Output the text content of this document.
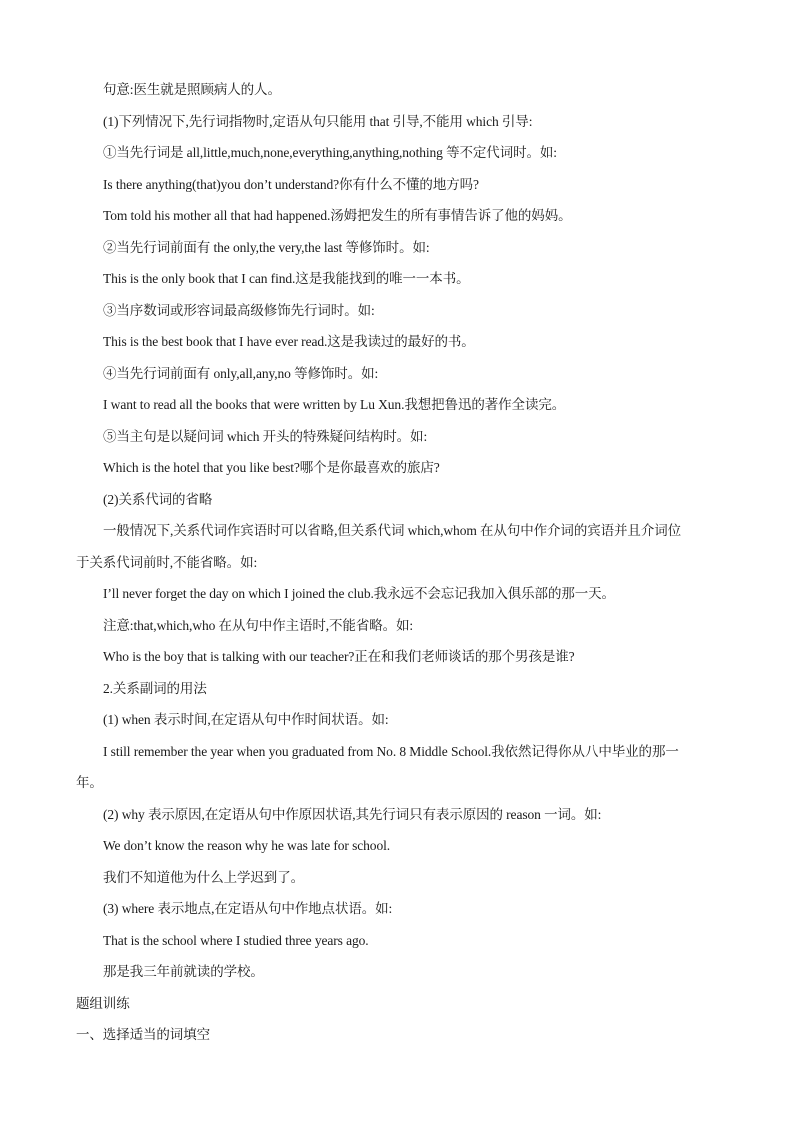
句意:医生就是照顾病人的人。
(1)下列情况下,先行词指物时,定语从句只能用 that 引导,不能用 which 引导:
①当先行词是 all,little,much,none,everything,anything,nothing 等不定代词时。如:
Is there anything(that)you don’t understand?你有什么不懂的地方吗?
Tom told his mother all that had happened.汤姆把发生的所有事情告诉了他的妈妈。
②当先行词前面有 the only,the very,the last 等修饰时。如:
This is the only book that I can find.这是我能找到的唯一一本书。
③当序数词或形容词最高级修饰先行词时。如:
This is the best book that I have ever read.这是我读过的最好的书。
④当先行词前面有 only,all,any,no 等修饰时。如:
I want to read all the books that were written by Lu Xun.我想把鲁迅的著作全读完。
⑤当主句是以疑问词 which 开头的特殊疑问结构时。如:
Which is the hotel that you like best?哪个是你最喜欢的旅店?
(2)关系代词的省略
一般情况下,关系代词作宾语时可以省略,但关系代词 which,whom 在从句中作介词的宾语并且介词位
于关系代词前时,不能省略。如:
I’ll never forget the day on which I joined the club.我永远不会忘记我加入俱乐部的那一天。
注意:that,which,who 在从句中作主语时,不能省略。如:
Who is the boy that is talking with our teacher?正在和我们老师谈话的那个男孩是谁?
2.关系副词的用法
(1) when 表示时间,在定语从句中作时间状语。如:
I still remember the year when you graduated from No. 8 Middle School.我依然记得你从八中毕业的那一
年。
(2) why 表示原因,在定语从句中作原因状语,其先行词只有表示原因的 reason 一词。如:
We don’t know the reason why he was late for school.
我们不知道他为什么上学迟到了。
(3) where 表示地点,在定语从句中作地点状语。如:
That is the school where I studied three years ago.
那是我三年前就读的学校。
题组训练
一、选择适当的词填空
